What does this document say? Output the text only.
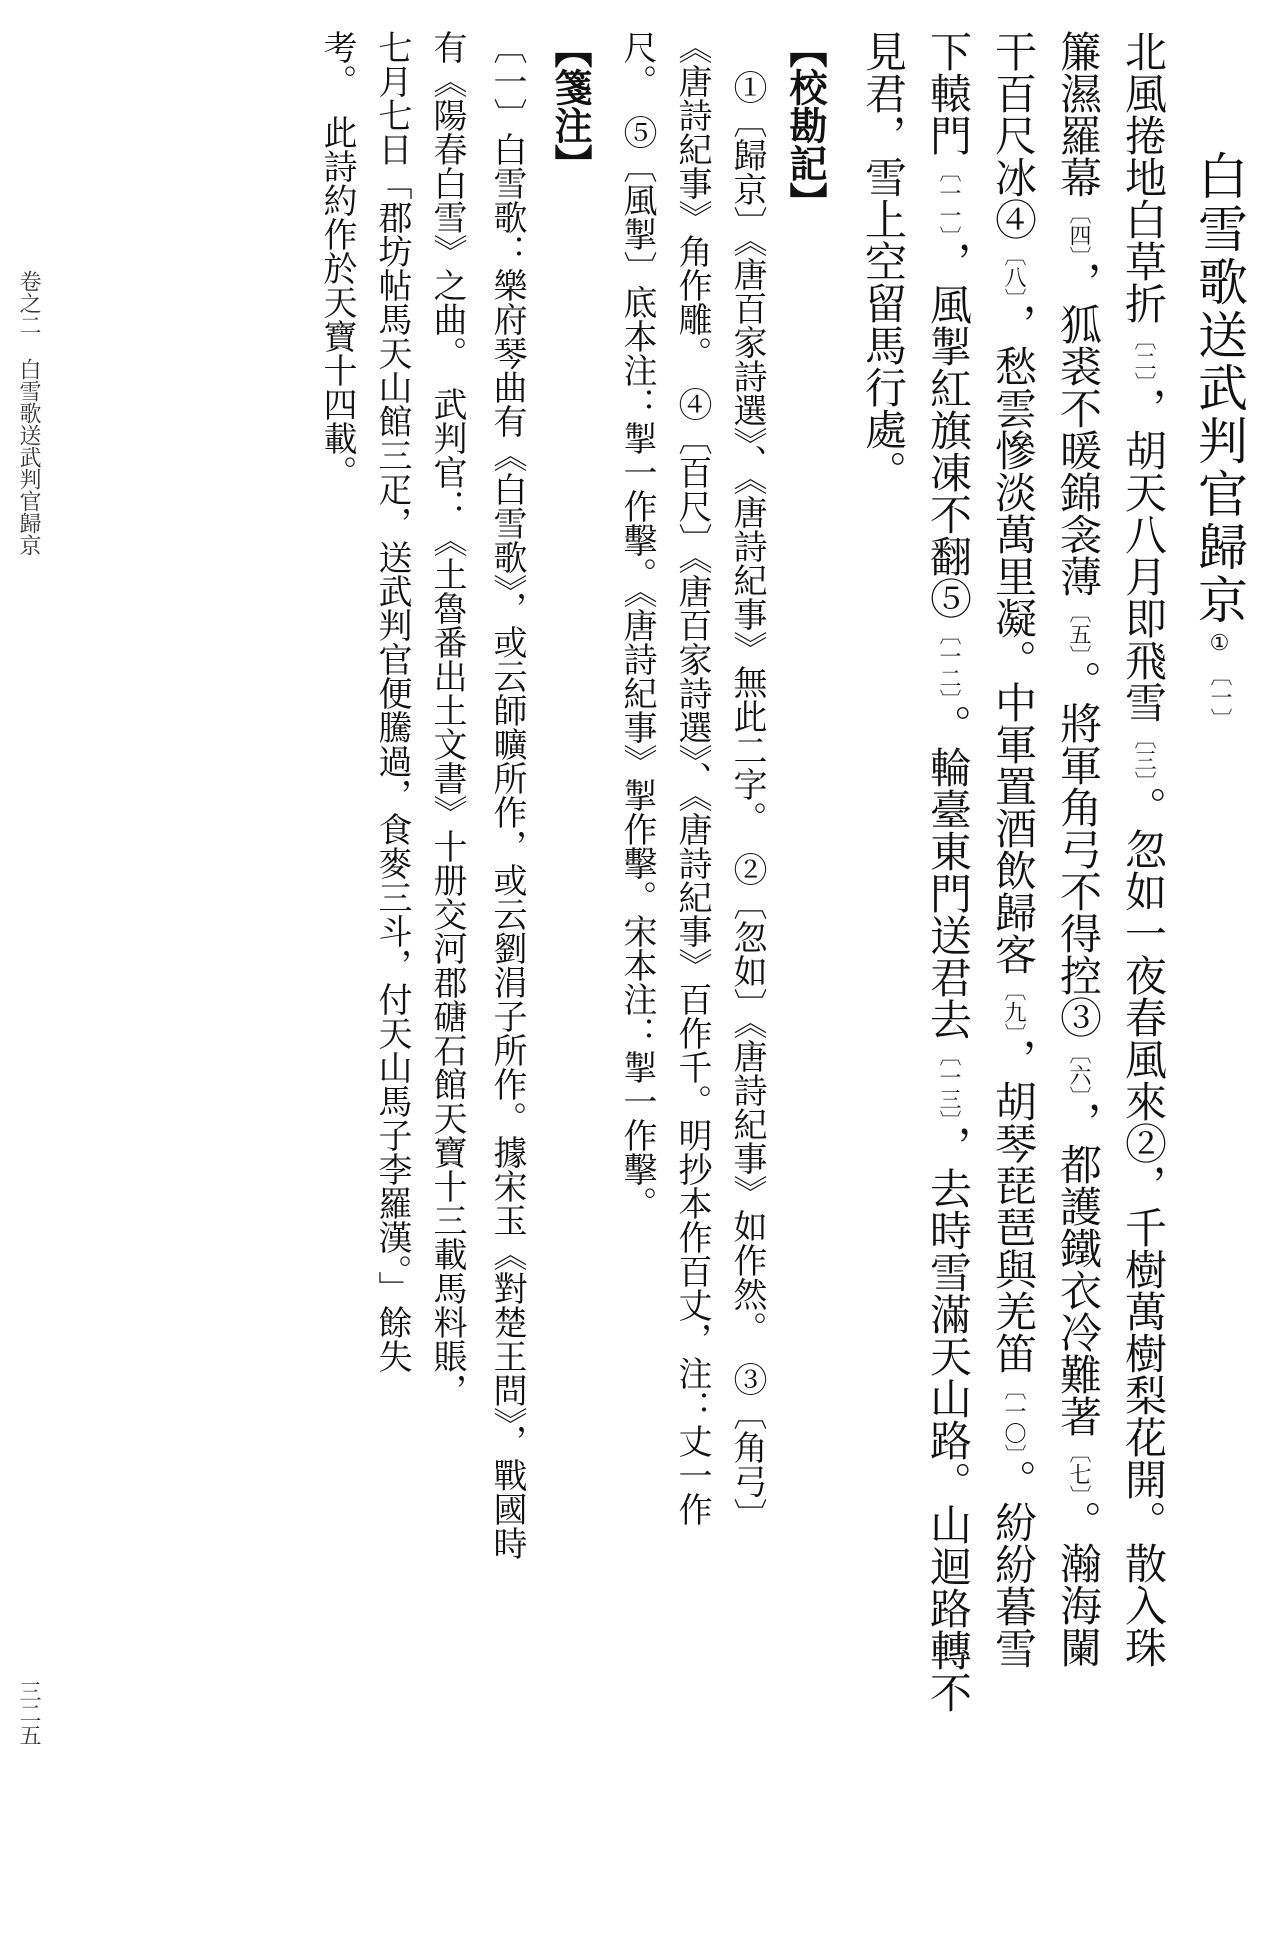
白雪歌送武判官歸京①〔一〕
北風捲地白草折〔二〕，胡天八月即飛雪〔三〕。忽如一夜春風來②，千樹萬樹梨花開。散入珠
簾濕羅幕〔四〕，狐裘不暖錦衾薄〔五〕。將軍角弓不得控③〔六〕，都護鐵衣冷難著〔七〕。瀚海闌
干百尺冰④〔八〕，愁雲慘淡萬里凝。中軍置酒飲歸客〔九〕，胡琴琵琶與羌笛〔一〇〕。紛紛暮雪
下轅門〔一一〕，風掣紅旗凍不翻⑤〔一二〕。輪臺東門送君去〔一三〕，去時雪滿天山路。山迴路轉不
見君，雪上空留馬行處。
【校勘記】
①〔歸京〕《唐百家詩選》、《唐詩紀事》無此二字。　②〔忽如〕《唐詩紀事》如作然。　③〔角弓〕
《唐詩紀事》角作雕。　④〔百尺〕《唐百家詩選》、《唐詩紀事》百作千。明抄本作百丈，注：丈一作
尺。　⑤〔風掣〕底本注：掣一作擊。《唐詩紀事》掣作擊。宋本注：掣一作擊。
【箋注】
〔一〕白雪歌：樂府琴曲有《白雪歌》，或云師曠所作，或云劉涓子所作。據宋玉《對楚王問》，戰國時
有《陽春白雪》之曲。　武判官：《土魯番出土文書》十册交河郡磄石館天寶十三載馬料賬，
七月七日「郡坊帖馬天山館三疋，送武判官便騰過，食麥三斗，付天山馬子李羅漢。」餘失
考。　此詩約作於天寶十四載。
卷之二　白雪歌送武判官歸京
三二五
